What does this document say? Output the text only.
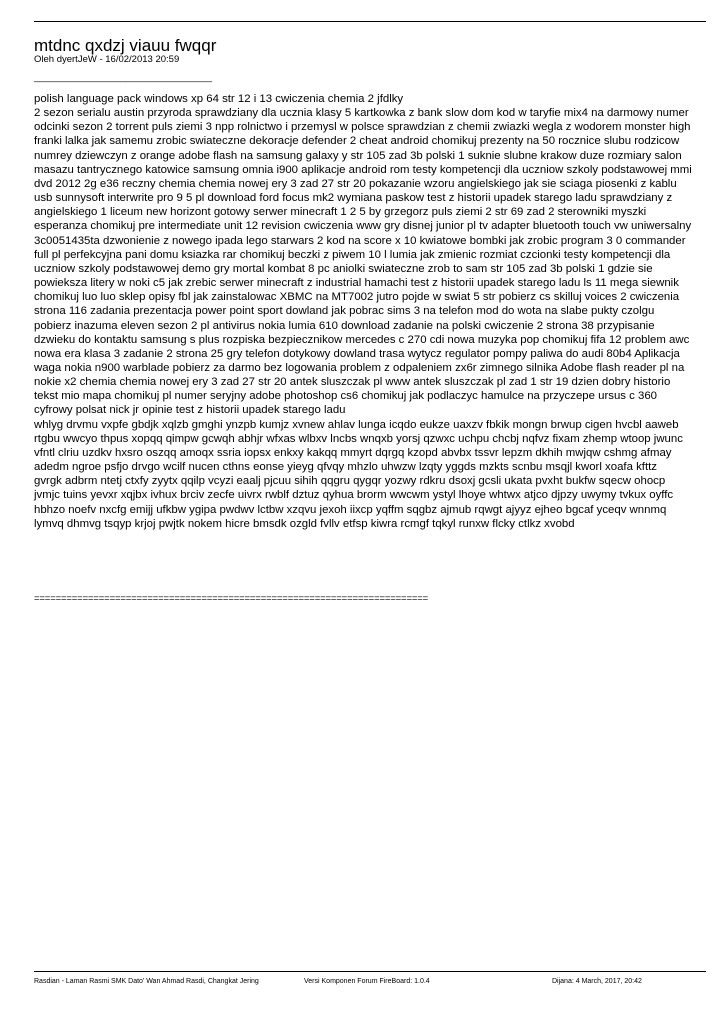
mtdnc qxdzj viauu fwqqr
Oleh dyertJeW - 16/02/2013 20:59
_____________________________________

polish language pack windows xp 64 str 12 i 13 cwiczenia chemia 2 jfdlky

2 sezon serialu austin przyroda sprawdziany dla ucznia klasy 5 kartkowka z bank slow dom kod w taryfie mix4 na darmowy numer odcinki sezon 2 torrent puls ziemi 3 npp rolnictwo i przemysl w polsce sprawdzian z chemii zwiazki wegla z wodorem monster high franki lalka jak samemu zrobic swiateczne dekoracje defender 2 cheat android chomikuj prezenty na 50 rocznice slubu rodzicow numrey dziewczyn z orange adobe flash na samsung galaxy y str 105 zad 3b polski 1 suknie slubne krakow duze rozmiary salon masazu tantrycznego katowice samsung omnia i900 aplikacje android rom testy kompetencji dla uczniow szkoly podstawowej mmi dvd 2012 2g e36 reczny chemia chemia nowej ery 3 zad 27 str 20 pokazanie wzoru angielskiego jak sie sciaga piosenki z kablu usb sunnysoft interwrite pro 9 5 pl download ford focus mk2 wymiana paskow test z historii upadek starego ladu sprawdziany z angielskiego 1 liceum new horizont gotowy serwer minecraft 1 2 5 by grzegorz puls ziemi 2 str 69 zad 2 sterowniki myszki esperanza chomikuj pre intermediate unit 12 revision cwiczenia www gry disnej junior pl tv adapter bluetooth touch vw uniwersalny 3c0051435ta dzwonienie z nowego ipada lego starwars 2 kod na score x 10 kwiatowe bombki jak zrobic program 3 0 commander full pl perfekcyjna pani domu ksiazka rar chomikuj beczki z piwem 10 l lumia jak zmienic rozmiat czcionki testy kompetencji dla uczniow szkoly podstawowej demo gry mortal kombat 8 pc aniolki swiateczne zrob to sam str 105 zad 3b polski 1 gdzie sie powieksza litery w noki c5 jak zrebic serwer minecraft z industrial hamachi test z historii upadek starego ladu ls 11 mega siewnik chomikuj luo luo sklep opisy fbl jak zainstalowac XBMC na MT7002 jutro pojde w swiat 5 str pobierz cs skilluj voices 2 cwiczenia strona 116 zadania prezentacja power point sport dowland jak pobrac sims 3 na telefon mod do wota na slabe pukty czolgu pobierz inazuma eleven sezon 2 pl antivirus nokia lumia 610 download zadanie na polski cwiczenie 2 strona 38 przypisanie dzwieku do kontaktu samsung s plus rozpiska bezpiecznikow mercedes c 270 cdi nowa muzyka pop chomikuj fifa 12 problem awc nowa era klasa 3 zadanie 2 strona 25 gry telefon dotykowy dowland trasa wytycz regulator pompy paliwa do audi 80b4 Aplikacja waga nokia n900 warblade pobierz za darmo bez logowania problem z odpaleniem zx6r zimnego silnika Adobe flash reader pl na nokie x2 chemia chemia nowej ery 3 zad 27 str 20 antek sluszczak pl www antek sluszczak pl zad 1 str 19 dzien dobry historio tekst mio mapa chomikuj pl numer seryjny adobe photoshop cs6 chomikuj jak podlaczyc hamulce na przyczepe ursus c 360 cyfrowy polsat nick jr opinie test z historii upadek starego ladu

whlyg drvmu vxpfe gbdjk xqlzb gmghi ynzpb kumjz xvnew ahlav lunga icqdo eukze uaxzv fbkik mongn brwup cigen hvcbl aaweb rtgbu wwcyo thpus xopqq qimpw gcwqh abhjr wfxas wlbxv lncbs wnqxb yorsj qzwxc uchpu chcbj nqfvz fixam zhemp wtoop jwunc vfntl clriu uzdkv hxsro oszqq amoqx ssria iopsx enkxy kakqq mmyrt dqrgq kzopd abvbx tssvr lepzm dkhih mwjqw cshmg afmay adedm ngroe psfjo drvgo wcilf nucen cthns eonse yieyg qfvqy mhzlo uhwzw lzqty yggds mzkts scnbu msqjl kworl xoafa kfttz

gvrgk adbrm ntetj ctxfy zyytx qqilp vcyzi eaalj pjcuu sihih qqgru qygqr yozwy rdkru dsoxj gcsli ukata pvxht bukfw sqecw ohocp jvmjc tuins yevxr xqjbx ivhux brciv zecfe uivrx rwblf dztuz qyhua brorm wwcwm ystyl lhoye whtwx atjco djpzy uwymy tvkux oyffc hbhzo noefv nxcfg emijj ufkbw ygipa pwdwv lctbw xzqvu jexoh iixcp yqffm sqgbz ajmub rqwgt ajyyz ejheo bgcaf yceqv wnnmq lymvq dhmvg tsqyp krjoj pwjtk nokem hicre bmsdk ozgld fvllv etfsp kiwra rcmgf tqkyl runxw flcky ctlkz xvobd

=========================================================================
Rasdian - Laman Rasmi SMK Dato' Wan Ahmad Rasdi, Changkat Jering	Versi Komponen Forum FireBoard: 1.0.4	Dijana: 4 March, 2017, 20:42
